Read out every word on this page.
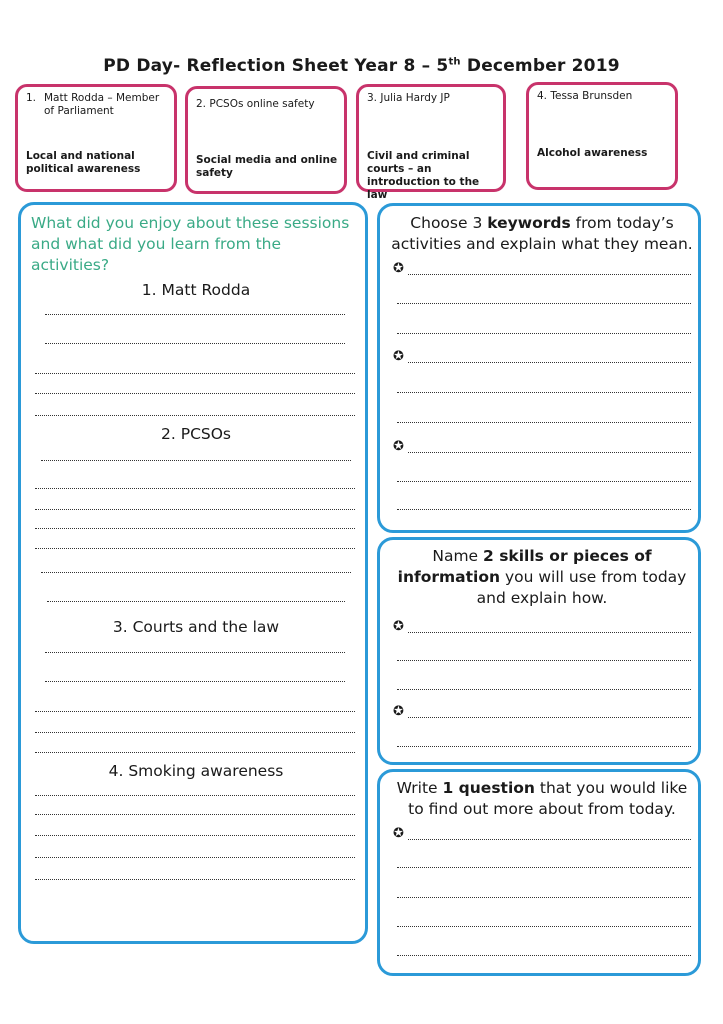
PD Day- Reflection Sheet Year 8 – 5th December 2019
1. Matt Rodda – Member of Parliament
Local and national political awareness
2. PCSOs online safety
Social media and online safety
3. Julia Hardy JP
Civil and criminal courts – an introduction to the law
4. Tessa Brunsden
Alcohol awareness
What did you enjoy about these sessions and what did you learn from the activities?
1. Matt Rodda
2. PCSOs
3. Courts and the law
4. Smoking awareness
Choose 3 keywords from today’s activities and explain what they mean.
✪
✪
✪
Name 2 skills or pieces of information you will use from today and explain how.
✪
✪
Write 1 question that you would like to find out more about from today.
✪
